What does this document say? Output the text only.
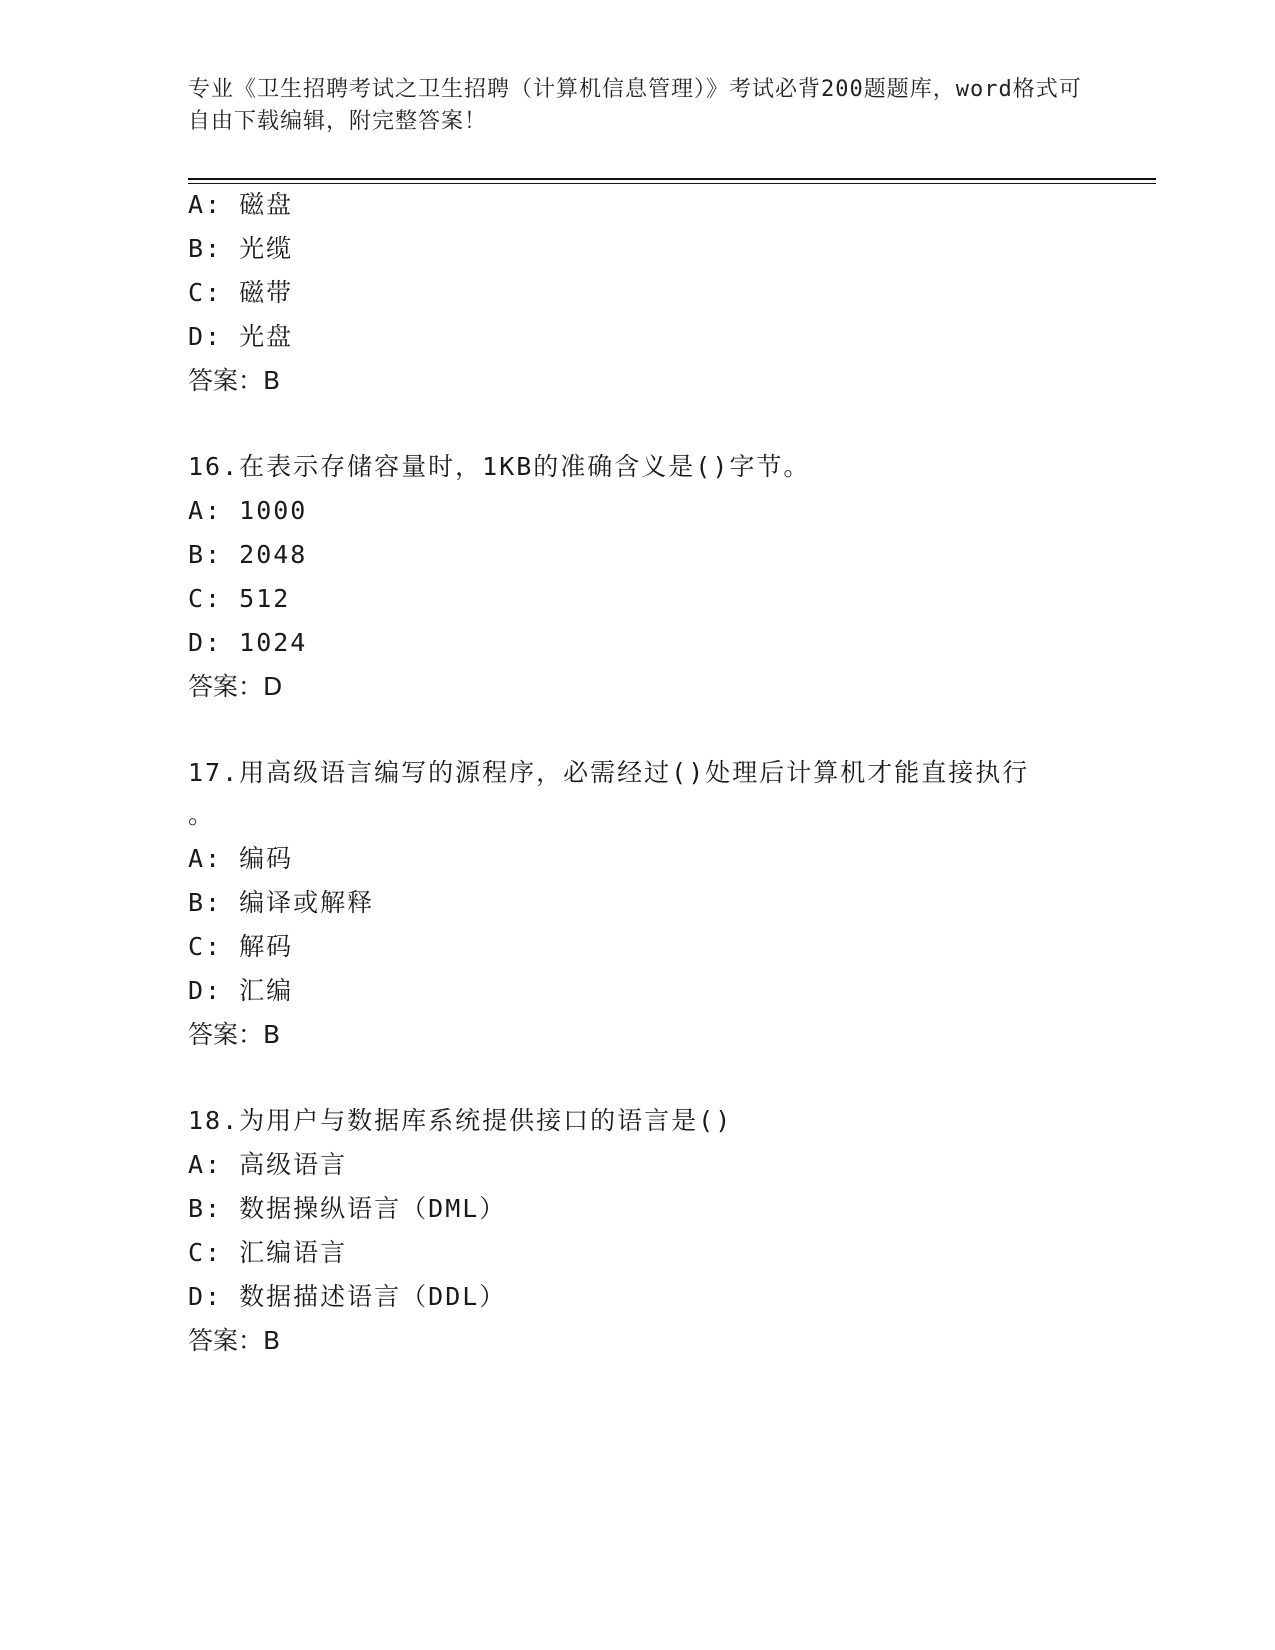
专业《卫生招聘考试之卫生招聘（计算机信息管理）》考试必背200题题库，word格式可自由下载编辑，附完整答案！
A: 磁盘
B: 光缆
C: 磁带
D: 光盘
答案：B
16.在表示存储容量时，1KB的准确含义是()字节。
A: 1000
B: 2048
C: 512
D: 1024
答案：D
17.用高级语言编写的源程序，必需经过()处理后计算机才能直接执行
。
A: 编码
B: 编译或解释
C: 解码
D: 汇编
答案：B
18.为用户与数据库系统提供接口的语言是()
A: 高级语言
B: 数据操纵语言（DML）
C: 汇编语言
D: 数据描述语言（DDL）
答案：B
